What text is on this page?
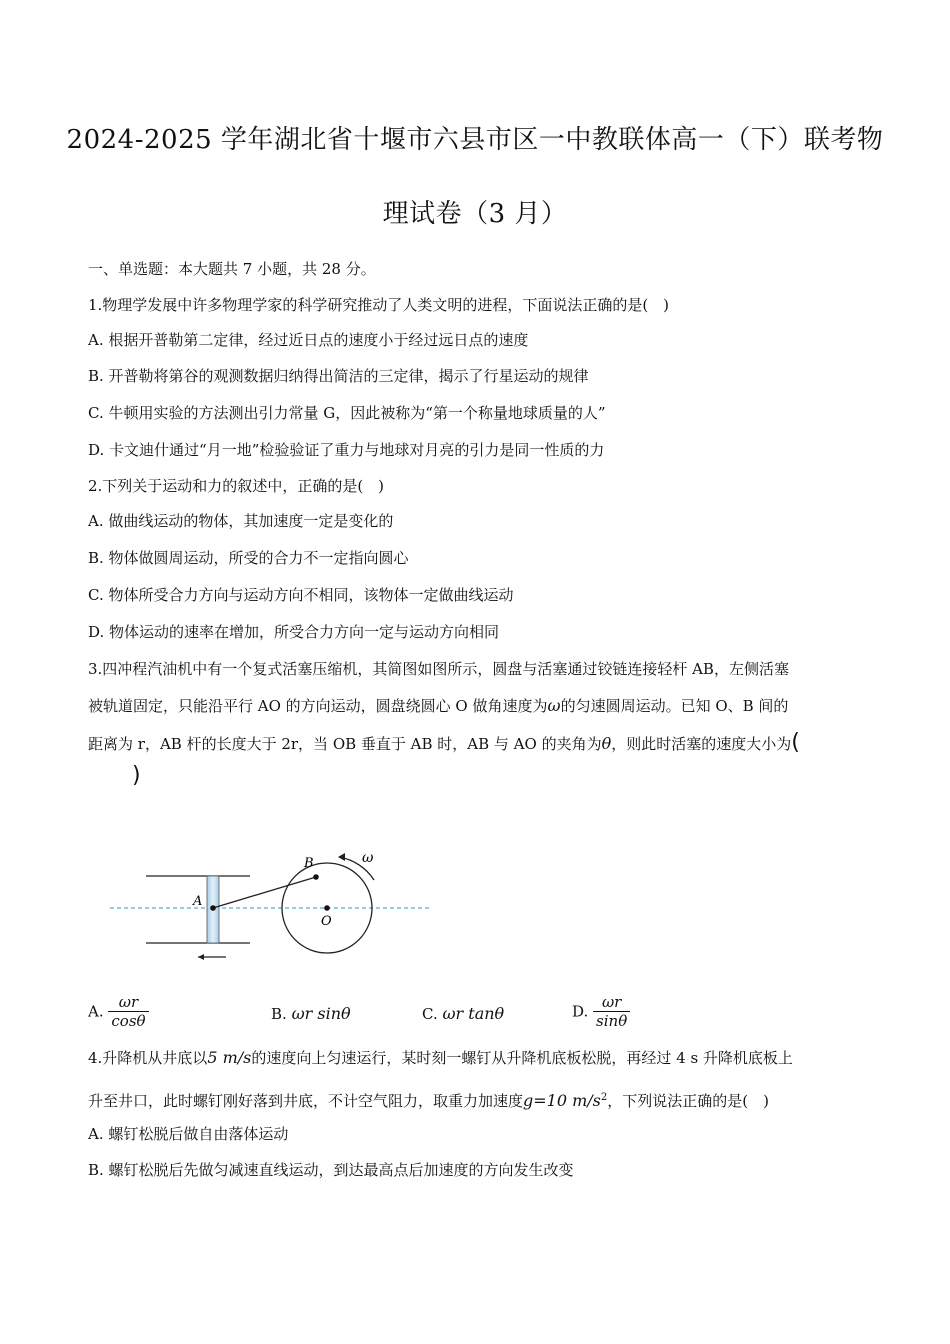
2024-2025 学年湖北省十堰市六县市区一中教联体高一（下）联考物
理试卷（3 月）
一、单选题：本大题共 7 小题，共 28 分。
1.物理学发展中许多物理学家的科学研究推动了人类文明的进程，下面说法正确的是(　)
A. 根据开普勒第二定律，经过近日点的速度小于经过远日点的速度
B. 开普勒将第谷的观测数据归纳得出简洁的三定律，揭示了行星运动的规律
C. 牛顿用实验的方法测出引力常量 G，因此被称为“第一个称量地球质量的人”
D. 卡文迪什通过“月一地”检验验证了重力与地球对月亮的引力是同一性质的力
2.下列关于运动和力的叙述中，正确的是(　)
A. 做曲线运动的物体，其加速度一定是变化的
B. 物体做圆周运动，所受的合力不一定指向圆心
C. 物体所受合力方向与运动方向不相同，该物体一定做曲线运动
D. 物体运动的速率在增加，所受合力方向一定与运动方向相同
3.四冲程汽油机中有一个复式活塞压缩机，其简图如图所示，圆盘与活塞通过铰链连接轻杆 AB，左侧活塞
被轨道固定，只能沿平行 AO 的方向运动，圆盘绕圆心 O 做角速度为ω的匀速圆周运动。已知 O、B 间的
距离为 r，AB 杆的长度大于 2r，当 OB 垂直于 AB 时，AB 与 AO 的夹角为θ，则此时活塞的速度大小为(
)
A
B
O
ω
A. $\frac{\omega r}{\cos\theta}$	B. ωr sinθ	C. ωr tanθ	D. $\frac{\omega r}{\sin\theta}$
4.升降机从井底以5 m/s的速度向上匀速运行，某时刻一螺钉从升降机底板松脱，再经过 4 s 升降机底板上
升至井口，此时螺钉刚好落到井底，不计空气阻力，取重力加速度g=10 $m/s^2$，下列说法正确的是(　)
A. 螺钉松脱后做自由落体运动
B. 螺钉松脱后先做匀减速直线运动，到达最高点后加速度的方向发生改变
